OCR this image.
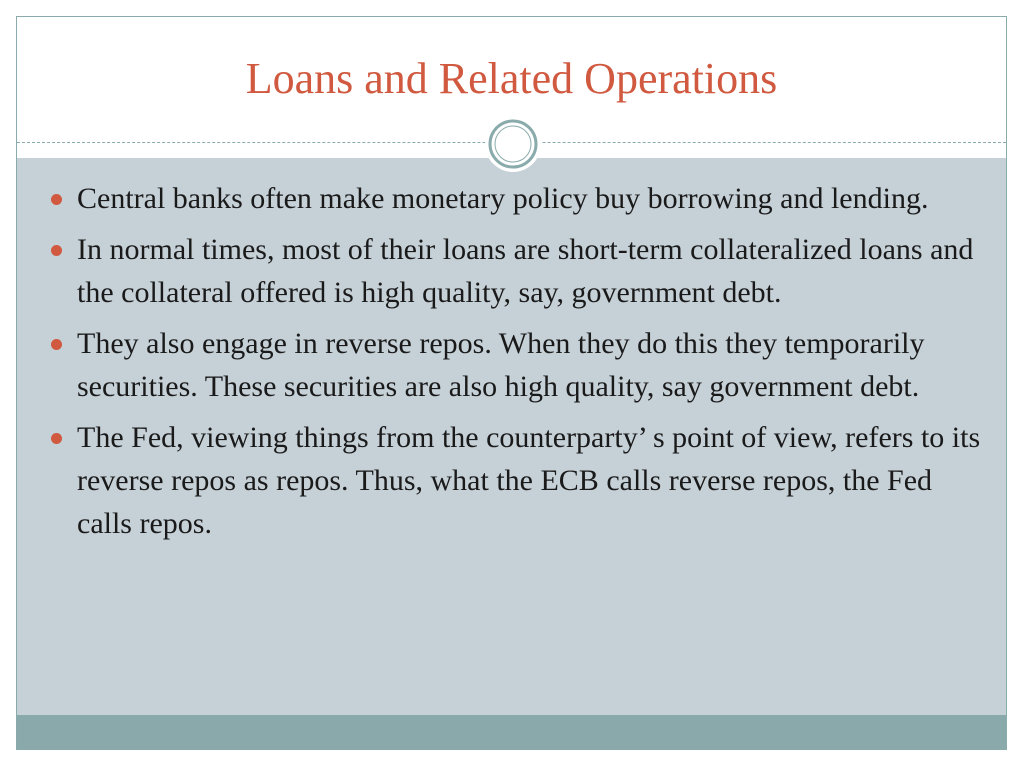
Loans and Related Operations
Central banks often make monetary policy buy borrowing and lending.
In normal times, most of their loans are short-term collateralized loans and the collateral offered is high quality, say, government debt.
They also engage in reverse repos. When they do this they temporarily securities. These securities are also high quality, say government debt.
The Fed, viewing things from the counterparty’ s point of view, refers to its reverse repos as repos. Thus, what the ECB calls reverse repos, the Fed calls repos.
